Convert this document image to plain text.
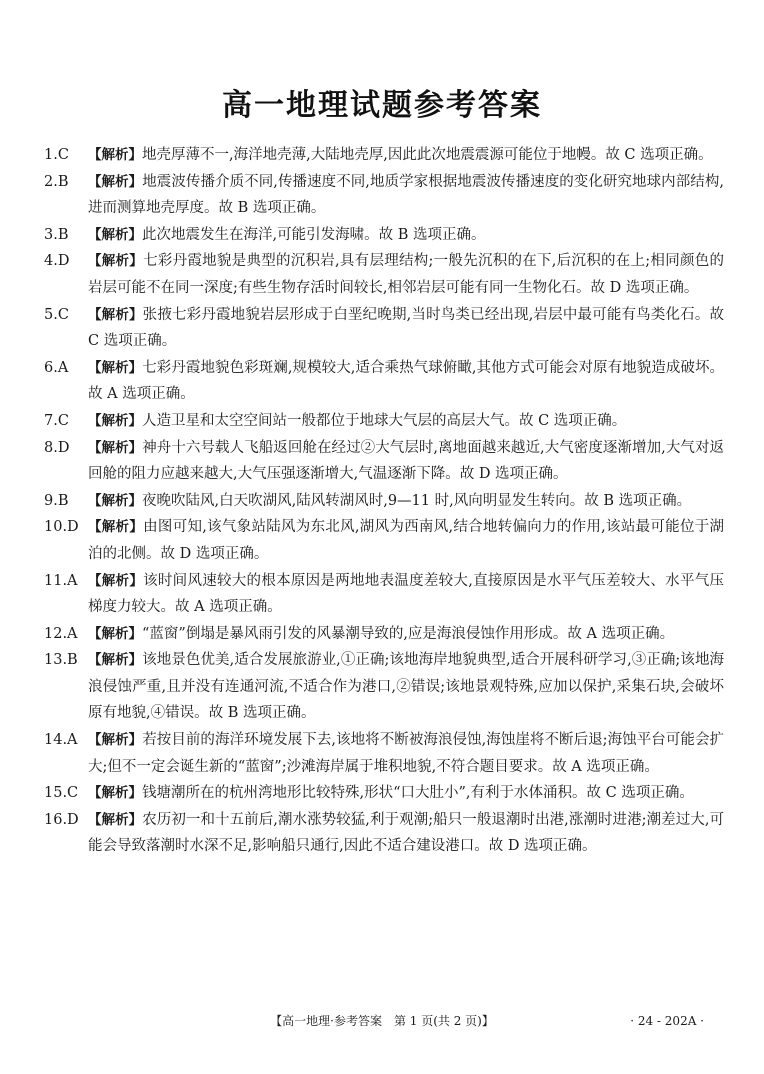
高一地理试题参考答案
1.C	【解析】地壳厚薄不一,海洋地壳薄,大陆地壳厚,因此此次地震震源可能位于地幔。故 C 选项正确。
2.B	【解析】地震波传播介质不同,传播速度不同,地质学家根据地震波传播速度的变化研究地球内部结构,进而测算地壳厚度。故 B 选项正确。
3.B	【解析】此次地震发生在海洋,可能引发海啸。故 B 选项正确。
4.D	【解析】七彩丹霞地貌是典型的沉积岩,具有层理结构;一般先沉积的在下,后沉积的在上;相同颜色的岩层可能不在同一深度;有些生物存活时间较长,相邻岩层可能有同一生物化石。故 D 选项正确。
5.C	【解析】张掖七彩丹霞地貌岩层形成于白垩纪晚期,当时鸟类已经出现,岩层中最可能有鸟类化石。故 C 选项正确。
6.A	【解析】七彩丹霞地貌色彩斑斓,规模较大,适合乘热气球俯瞰,其他方式可能会对原有地貌造成破坏。故 A 选项正确。
7.C	【解析】人造卫星和太空空间站一般都位于地球大气层的高层大气。故 C 选项正确。
8.D	【解析】神舟十六号载人飞船返回舱在经过②大气层时,离地面越来越近,大气密度逐渐增加,大气对返回舱的阻力应越来越大,大气压强逐渐增大,气温逐渐下降。故 D 选项正确。
9.B	【解析】夜晚吹陆风,白天吹湖风,陆风转湖风时,9—11 时,风向明显发生转向。故 B 选项正确。
10.D 【解析】由图可知,该气象站陆风为东北风,湖风为西南风,结合地转偏向力的作用,该站最可能位于湖泊的北侧。故 D 选项正确。
11.A 【解析】该时间风速较大的根本原因是两地地表温度差较大,直接原因是水平气压差较大、水平气压梯度力较大。故 A 选项正确。
12.A 【解析】“蓝窗”倒塌是暴风雨引发的风暴潮导致的,应是海浪侵蚀作用形成。故 A 选项正确。
13.B 【解析】该地景色优美,适合发展旅游业,①正确;该地海岸地貌典型,适合开展科研学习,③正确;该地海浪侵蚀严重,且并没有连通河流,不适合作为港口,②错误;该地景观特殊,应加以保护,采集石块,会破坏原有地貌,④错误。故 B 选项正确。
14.A 【解析】若按目前的海洋环境发展下去,该地将不断被海浪侵蚀,海蚀崖将不断后退;海蚀平台可能会扩大;但不一定会诞生新的“蓝窗”;沙滩海岸属于堆积地貌,不符合题目要求。故 A 选项正确。
15.C 【解析】钱塘潮所在的杭州湾地形比较特殊,形状“口大肚小”,有利于水体涌积。故 C 选项正确。
16.D 【解析】农历初一和十五前后,潮水涨势较猛,利于观潮;船只一般退潮时出港,涨潮时进港;潮差过大,可能会导致落潮时水深不足,影响船只通行,因此不适合建设港口。故 D 选项正确。
【高一地理·参考答案　第 1 页(共 2 页)】	· 24 - 202A ·
